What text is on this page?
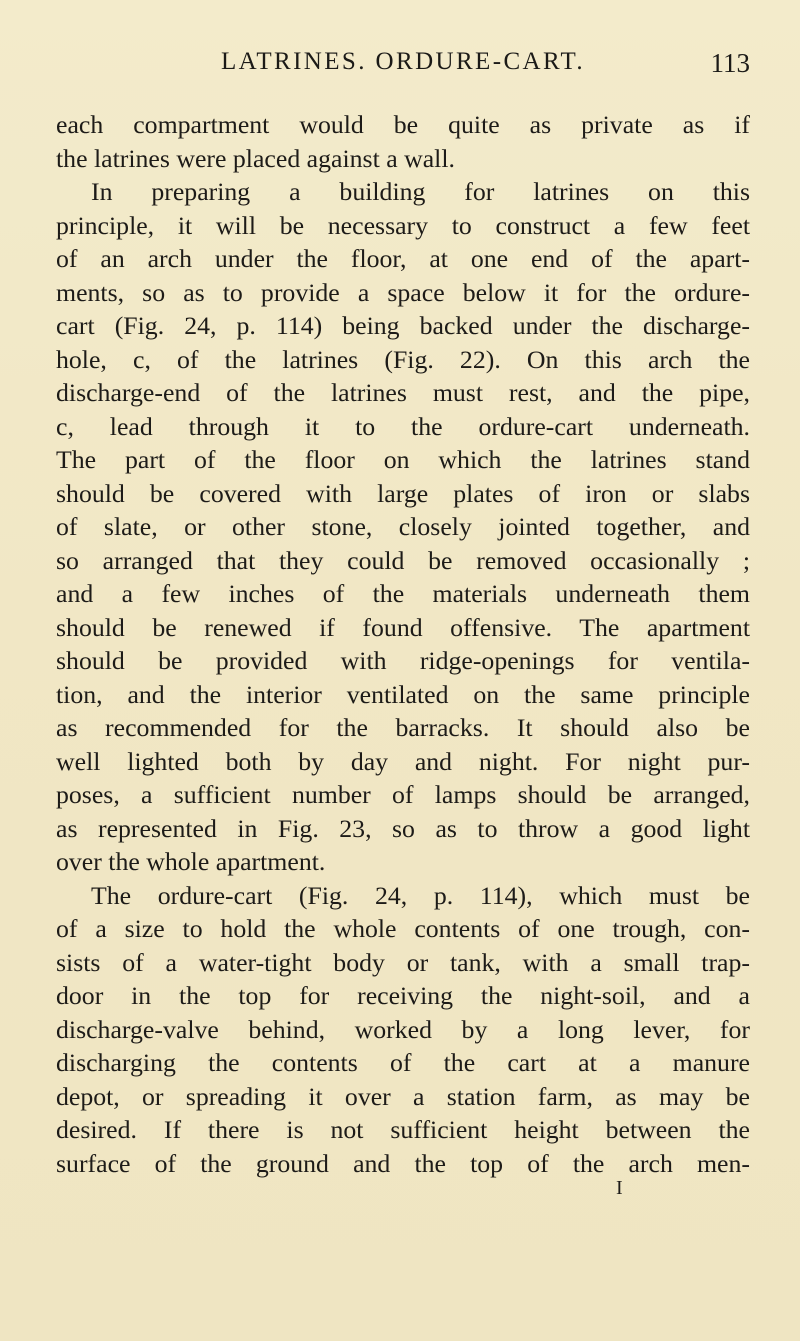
LATRINES. ORDURE-CART.	113
each compartment would be quite as private as if
the latrines were placed against a wall.
In preparing a building for latrines on this
principle, it will be necessary to construct a few feet
of an arch under the floor, at one end of the apart-
ments, so as to provide a space below it for the ordure-
cart (Fig. 24, p. 114) being backed under the discharge-
hole, c, of the latrines (Fig. 22). On this arch the
discharge-end of the latrines must rest, and the pipe,
c, lead through it to the ordure-cart underneath.
The part of the floor on which the latrines stand
should be covered with large plates of iron or slabs
of slate, or other stone, closely jointed together, and
so arranged that they could be removed occasionally ;
and a few inches of the materials underneath them
should be renewed if found offensive. The apartment
should be provided with ridge-openings for ventila-
tion, and the interior ventilated on the same principle
as recommended for the barracks. It should also be
well lighted both by day and night. For night pur-
poses, a sufficient number of lamps should be arranged,
as represented in Fig. 23, so as to throw a good light
over the whole apartment.
The ordure-cart (Fig. 24, p. 114), which must be
of a size to hold the whole contents of one trough, con-
sists of a water-tight body or tank, with a small trap-
door in the top for receiving the night-soil, and a
discharge-valve behind, worked by a long lever, for
discharging the contents of the cart at a manure
depot, or spreading it over a station farm, as may be
desired. If there is not sufficient height between the
surface of the ground and the top of the arch men-
I
